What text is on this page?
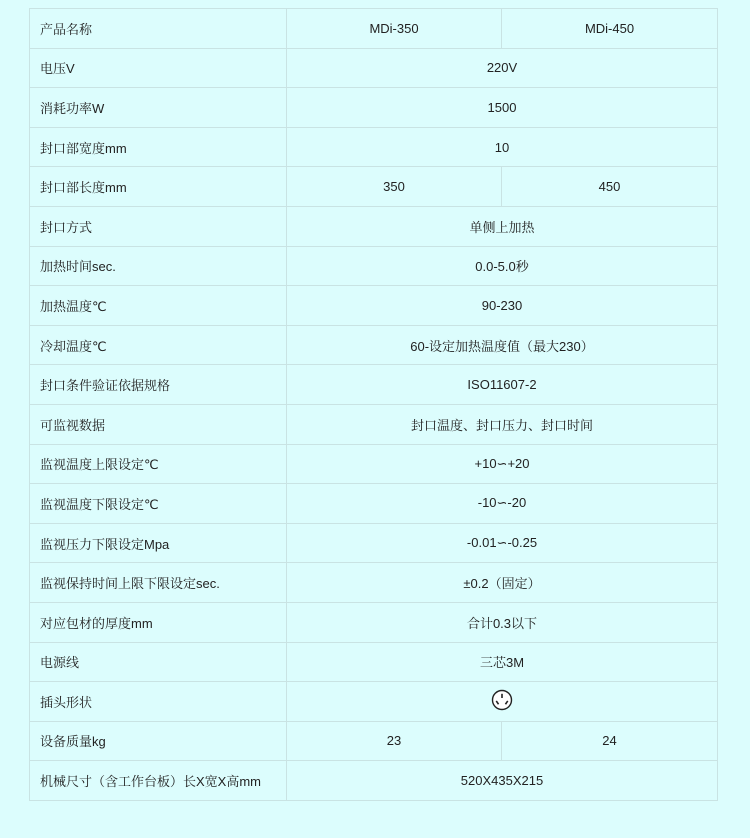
产品名称	MDi-350	MDi-450
电压V	220V	
消耗功率W	1500	
封口部宽度mm	10	
封口部长度mm	350	450
封口方式	单侧上加热	
加热时间sec.	0.0-5.0秒	
加热温度℃	90-230	
冷却温度℃	60-设定加热温度值（最大230）	
封口条件验证依据规格	ISO11607-2	
可监视数据	封口温度、封口压力、封口时间	
监视温度上限设定℃	+10∽+20	
监视温度下限设定℃	-10∽-20	
监视压力下限设定Mpa	-0.01∽-0.25	
监视保持时间上限下限设定sec.	±0.2（固定）	
对应包材的厚度mm	合计0.3以下	
电源线	三芯3M	
插头形状	
设备质量kg	23	24
机械尺寸（含工作台板）长X宽X高mm	520X435X215	
